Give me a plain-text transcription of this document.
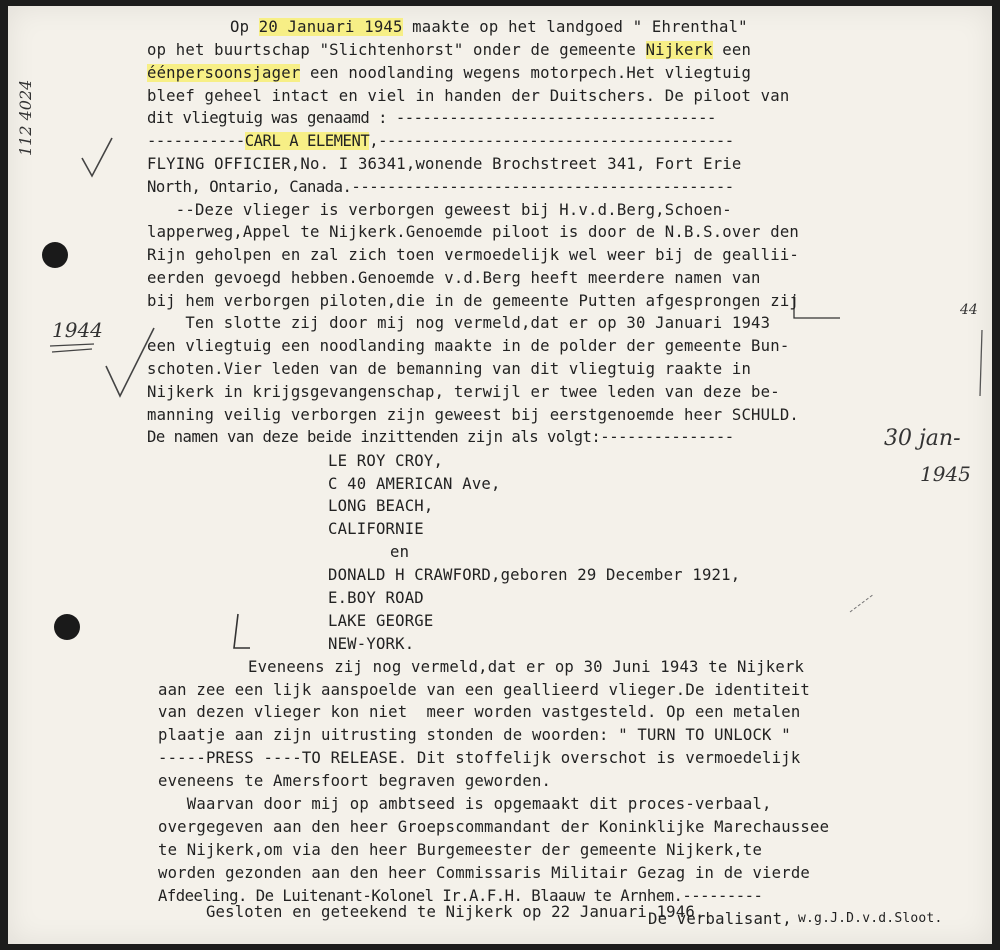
112 4024
1944
30 jan-
1945
44
Op 20 Januari 1945 maakte op het landgoed " Ehrenthal"
op het buurtschap "Slichtenhorst" onder de gemeente Nijkerk een
éénpersoonsjager een noodlanding wegens motorpech.Het vliegtuig
bleef geheel intact en viel in handen der Duitschers. De piloot van
dit vliegtuig was genaamd : ------------------------------------
-----------CARL A ELEMENT,----------------------------------------
FLYING OFFICIER,No. I 36341,wonende Brochstreet 341, Fort Erie
North, Ontario, Canada.-------------------------------------------
--Deze vlieger is verborgen geweest bij H.v.d.Berg,Schoen-
lapperweg,Appel te Nijkerk.Genoemde piloot is door de N.B.S.over den
Rijn geholpen en zal zich toen vermoedelijk wel weer bij de geallii-
eerden gevoegd hebben.Genoemde v.d.Berg heeft meerdere namen van
bij hem verborgen piloten,die in de gemeente Putten afgesprongen zij
Ten slotte zij door mij nog vermeld,dat er op 30 Januari 1943
een vliegtuig een noodlanding maakte in de polder der gemeente Bun-
schoten.Vier leden van de bemanning van dit vliegtuig raakte in
Nijkerk in krijgsgevangenschap, terwijl er twee leden van deze be-
manning veilig verborgen zijn geweest bij eerstgenoemde heer SCHULD.
De namen van deze beide inzittenden zijn als volgt:---------------
LE ROY CROY,
C 40 AMERICAN Ave,
LONG BEACH,
CALIFORNIE
en
DONALD H CRAWFORD,geboren 29 December 1921,
E.BOY ROAD
LAKE GEORGE
NEW-YORK.
Eveneens zij nog vermeld,dat er op 30 Juni 1943 te Nijkerk
aan zee een lijk aanspoelde van een geallieerd vlieger.De identiteit
van dezen vlieger kon niet  meer worden vastgesteld. Op een metalen
plaatje aan zijn uitrusting stonden de woorden: " TURN TO UNLOCK "
-----PRESS ----TO RELEASE. Dit stoffelijk overschot is vermoedelijk
eveneens te Amersfoort begraven geworden.
Waarvan door mij op ambtseed is opgemaakt dit proces-verbaal,
overgegeven aan den heer Groepscommandant der Koninklijke Marechaussee
te Nijkerk,om via den heer Burgemeester der gemeente Nijkerk,te
worden gezonden aan den heer Commissaris Militair Gezag in de vierde
Afdeeling. De Luitenant-Kolonel Ir.A.F.H. Blaauw te Arnhem.---------
Gesloten en geteekend te Nijkerk op 22 Januari 1946.
De verbalisant, w.g.J.D.v.d.Sloot.
